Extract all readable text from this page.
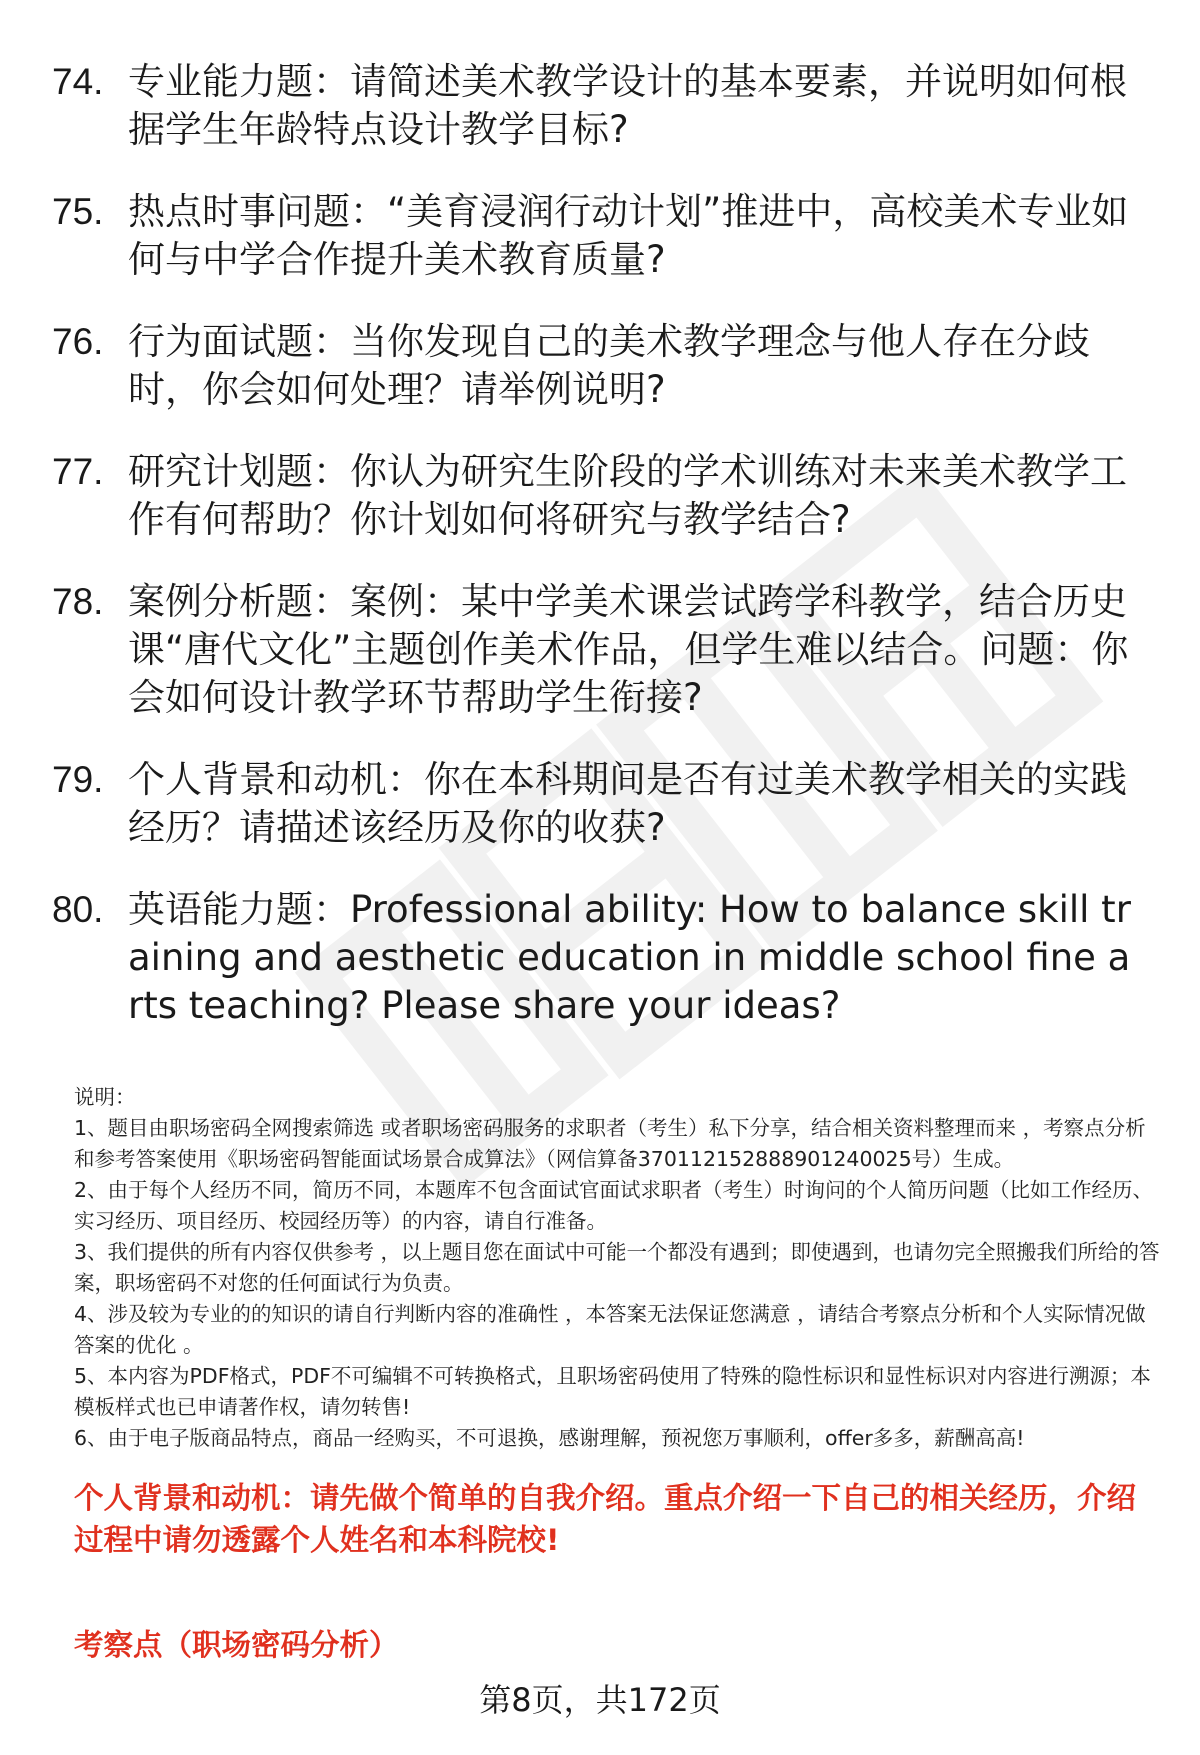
74. 专业能力题：请简述美术教学设计的基本要素，并说明如何根据学生年龄特点设计教学目标?
75. 热点时事问题：“美育浸润行动计划”推进中，高校美术专业如何与中学合作提升美术教育质量?
76. 行为面试题：当你发现自己的美术教学理念与他人存在分歧时，你会如何处理？请举例说明?
77. 研究计划题：你认为研究生阶段的学术训练对未来美术教学工作有何帮助？你计划如何将研究与教学结合?
78. 案例分析题：案例：某中学美术课尝试跨学科教学，结合历史课“唐代文化”主题创作美术作品，但学生难以结合。问题：你会如何设计教学环节帮助学生衔接?
79. 个人背景和动机：你在本科期间是否有过美术教学相关的实践经历？请描述该经历及你的收获?
80. 英语能力题：Professional ability: How to balance skill training and aesthetic education in middle school fine arts teaching? Please share your ideas?

说明：

1、题目由职场密码全网搜索筛选 或者职场密码服务的求职者（考生）私下分享，结合相关资料整理而来 ，考察点分析和参考答案使用《职场密码智能面试场景合成算法》（网信算备370112152888901240025号）生成。

2、由于每个人经历不同，简历不同，本题库不包含面试官面试求职者（考生）时询问的个人简历问题（比如工作经历、实习经历、项目经历、校园经历等）的内容，请自行准备。

3、我们提供的所有内容仅供参考 ，以上题目您在面试中可能一个都没有遇到；即使遇到，也请勿完全照搬我们所给的答案，职场密码不对您的任何面试行为负责。

4、涉及较为专业的的知识的请自行判断内容的准确性 ，本答案无法保证您满意 ，请结合考察点分析和个人实际情况做答案的优化 。

5、本内容为PDF格式，PDF不可编辑不可转换格式，且职场密码使用了特殊的隐性标识和显性标识对内容进行溯源；本模板样式也已申请著作权，请勿转售!

6、由于电子版商品特点，商品一经购买，不可退换，感谢理解，预祝您万事顺利，offer多多，薪酬高高!

个人背景和动机：请先做个简单的自我介绍。重点介绍一下自己的相关经历，介绍过程中请勿透露个人姓名和本科院校!
考察点（职场密码分析）
第8页，共172页
